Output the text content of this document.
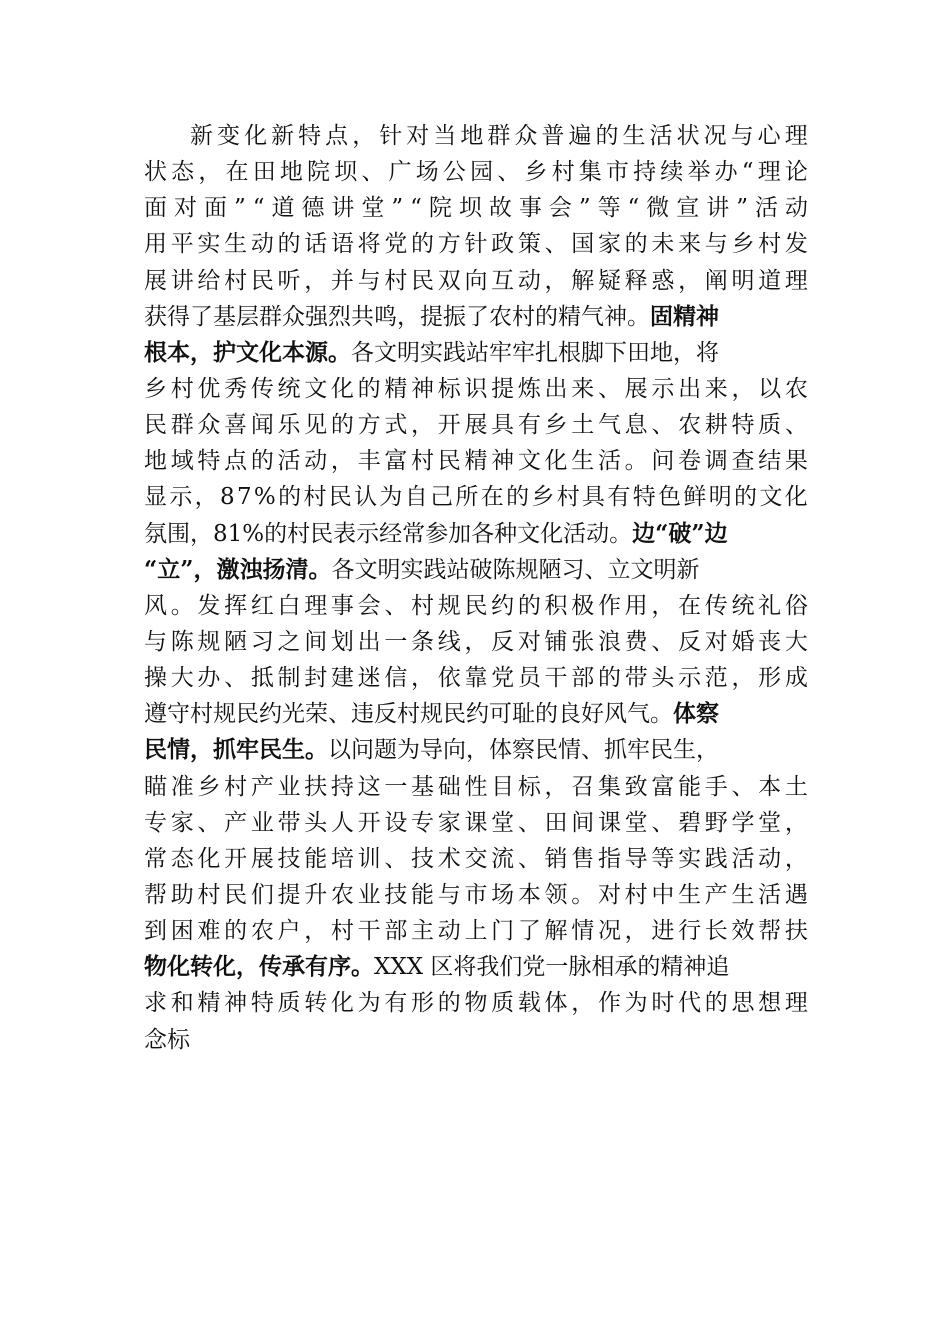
新 变 化 新 特 点 ， 针 对 当 地 群 众 普 遍 的 生 活 状 况 与 心 理
状 态 ， 在 田 地 院 坝 、 广 场 公 园 、 乡 村 集 市 持 续 举 办 “ 理 论
面 对 面 ” “ 道 德 讲 堂 ” “ 院 坝 故 事 会 ” 等 “ 微 宣 讲 ” 活 动
用 平 实 生 动 的 话 语 将 党 的 方 针 政 策 、 国 家 的 未 来 与 乡 村 发
展 讲 给 村 民 听 ， 并 与 村 民 双 向 互 动 ， 解 疑 释 惑 ， 阐 明 道 理
获得了基层群众强烈共鸣，提振了农村的精气神。固精神
根本，护文化本源。各文明实践站牢牢扎根脚下田地，将
乡 村 优 秀 传 统 文 化 的 精 神 标 识 提 炼 出 来 、 展 示 出 来 ， 以 农
民 群 众 喜 闻 乐 见 的 方 式 ， 开 展 具 有 乡 土 气 息 、 农 耕 特 质 、
地 域 特 点 的 活 动 ， 丰 富 村 民 精 神 文 化 生 活 。 问 卷 调 查 结 果
显 示 ， 8 7 % 的 村 民 认 为 自 己 所 在 的 乡 村 具 有 特 色 鲜 明 的 文 化
氛围，81%的村民表示经常参加各种文化活动。边“破”边
“立”，激浊扬清。各文明实践站破陈规陋习、立文明新
风 。 发 挥 红 白 理 事 会 、 村 规 民 约 的 积 极 作 用 ， 在 传 统 礼 俗
与 陈 规 陋 习 之 间 划 出 一 条 线 ， 反 对 铺 张 浪 费 、 反 对 婚 丧 大
操 大 办 、 抵 制 封 建 迷 信 ， 依 靠 党 员 干 部 的 带 头 示 范 ， 形 成
遵守村规民约光荣、违反村规民约可耻的良好风气。体察
民情，抓牢民生。以问题为导向，体察民情、抓牢民生，
瞄 准 乡 村 产 业 扶 持 这 一 基 础 性 目 标 ， 召 集 致 富 能 手 、 本 土
专 家 、 产 业 带 头 人 开 设 专 家 课 堂 、 田 间 课 堂 、 碧 野 学 堂 ，
常 态 化 开 展 技 能 培 训 、 技 术 交 流 、 销 售 指 导 等 实 践 活 动 ，
帮 助 村 民 们 提 升 农 业 技 能 与 市 场 本 领 。 对 村 中 生 产 生 活 遇
到 困 难 的 农 户 ， 村 干 部 主 动 上 门 了 解 情 况 ， 进 行 长 效 帮 扶
物化转化，传承有序。XXX 区将我们党一脉相承的精神追
求 和 精 神 特 质 转 化 为 有 形 的 物 质 载 体 ， 作 为 时 代 的 思 想 理
念标
